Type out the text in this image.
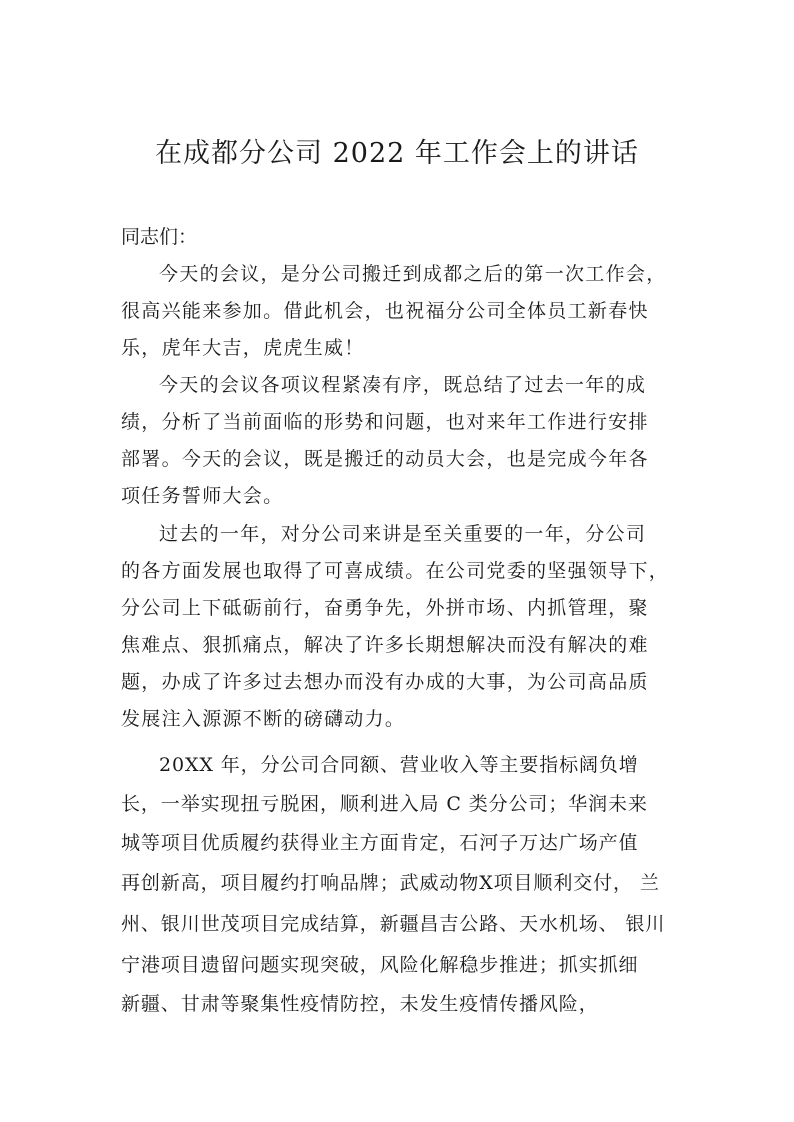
在成都分公司 2022 年工作会上的讲话
同志们：
今天的会议，是分公司搬迁到成都之后的第一次工作会，
很高兴能来参加。借此机会，也祝福分公司全体员工新春快
乐，虎年大吉，虎虎生威！
今天的会议各项议程紧凑有序，既总结了过去一年的成
绩，分析了当前面临的形势和问题，也对来年工作进行安排
部署。今天的会议，既是搬迁的动员大会，也是完成今年各
项任务誓师大会。
过去的一年，对分公司来讲是至关重要的一年，分公司
的各方面发展也取得了可喜成绩。在公司党委的坚强领导下，
分公司上下砥砺前行，奋勇争先，外拼市场、内抓管理，聚
焦难点、狠抓痛点，解决了许多长期想解决而没有解决的难
题，办成了许多过去想办而没有办成的大事，为公司高品质
发展注入源源不断的磅礴动力。
20XX 年，分公司合同额、营业收入等主要指标阔负增
长，一举实现扭亏脱困，顺利进入局 C 类分公司；华润未来
城等项目优质履约获得业主方面肯定，石河子万达广场产值
再创新高，项目履约打响品牌；武威动物X项目顺利交付， 兰
州、银川世茂项目完成结算，新疆昌吉公路、天水机场、 银川
宁港项目遗留问题实现突破，风险化解稳步推进；抓实抓细
新疆、甘肃等聚集性疫情防控，未发生疫情传播风险，
